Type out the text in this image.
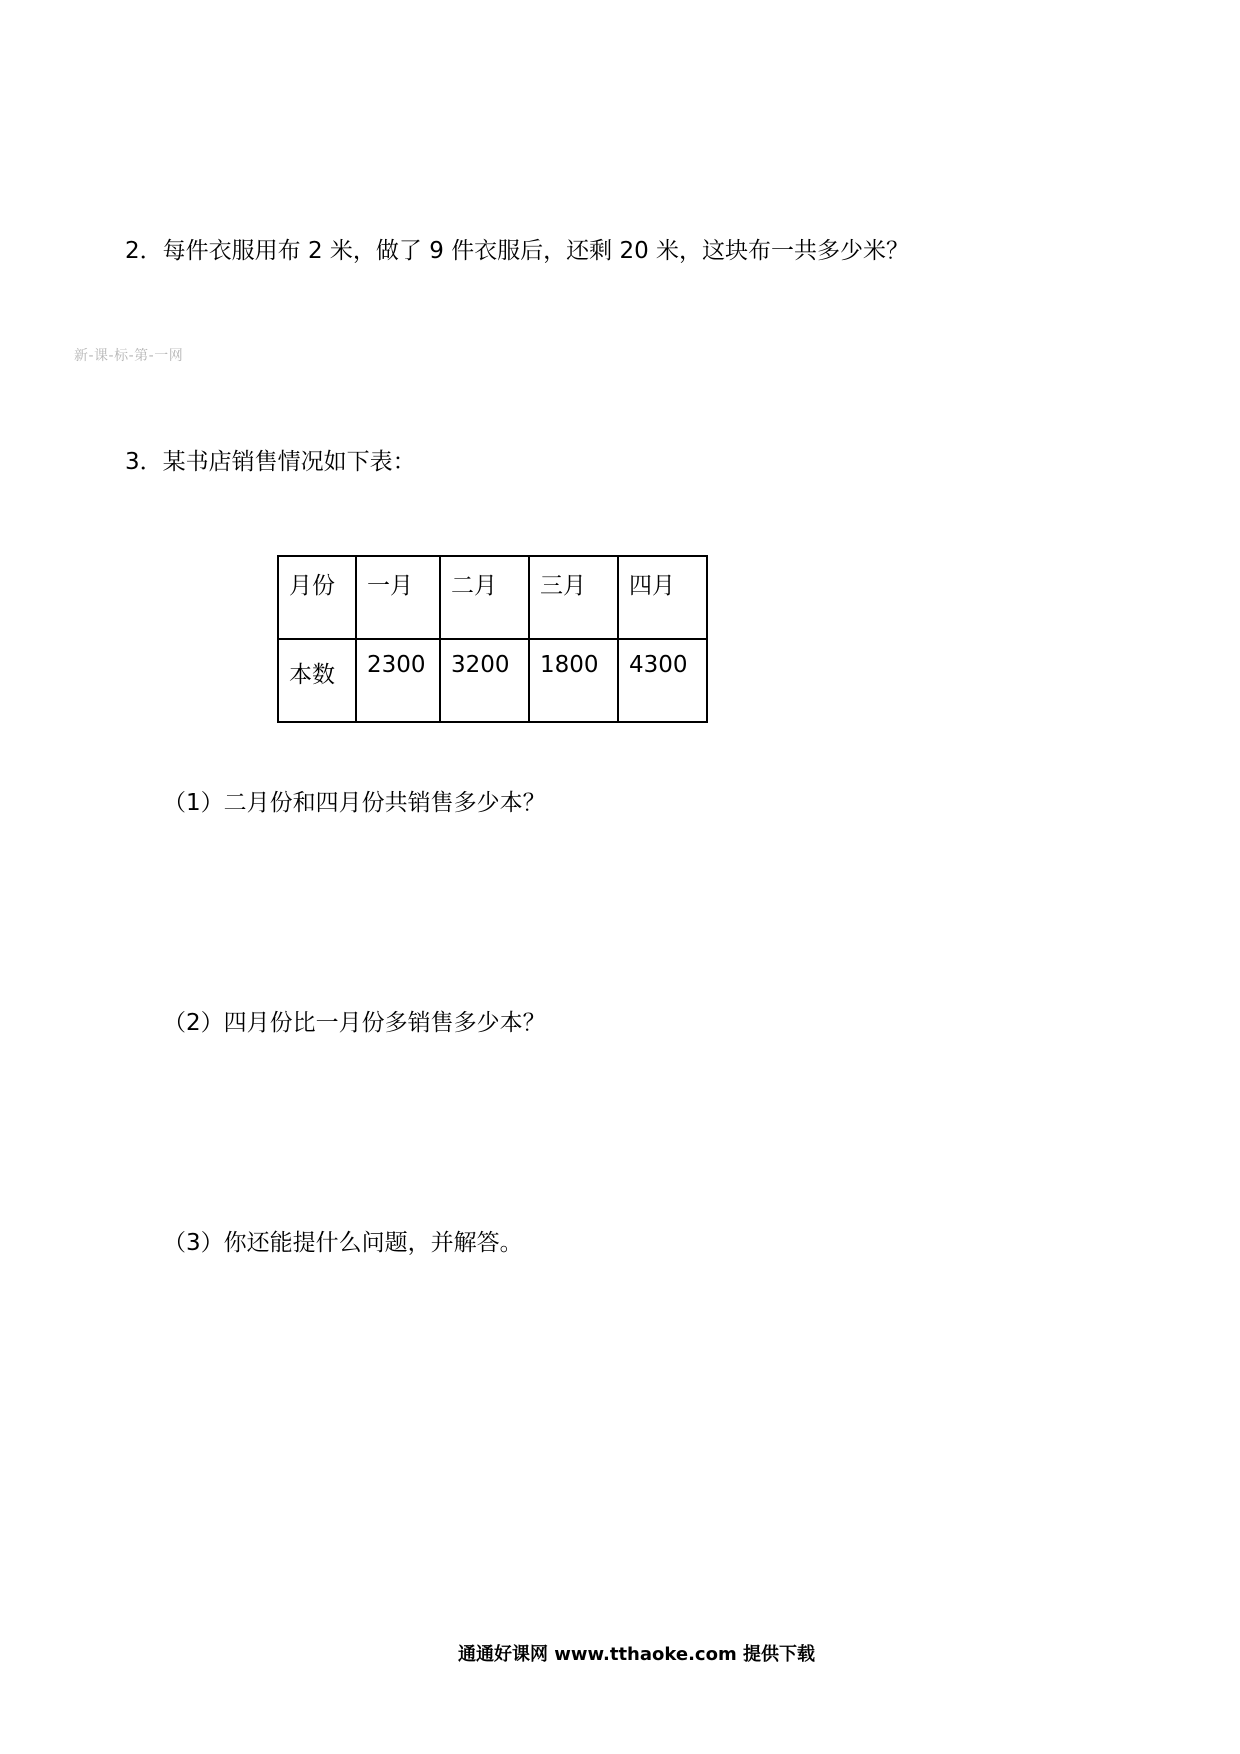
2．每件衣服用布 2 米，做了 9 件衣服后，还剩 20 米，这块布一共多少米？
新-课-标-第-一网
3．某书店销售情况如下表：
月份	一月	二月	三月	四月
本数	2300	3200	1800	4300
（1）二月份和四月份共销售多少本？
（2）四月份比一月份多销售多少本？
（3）你还能提什么问题，并解答。
通通好课网 www.tthaoke.com 提供下载
